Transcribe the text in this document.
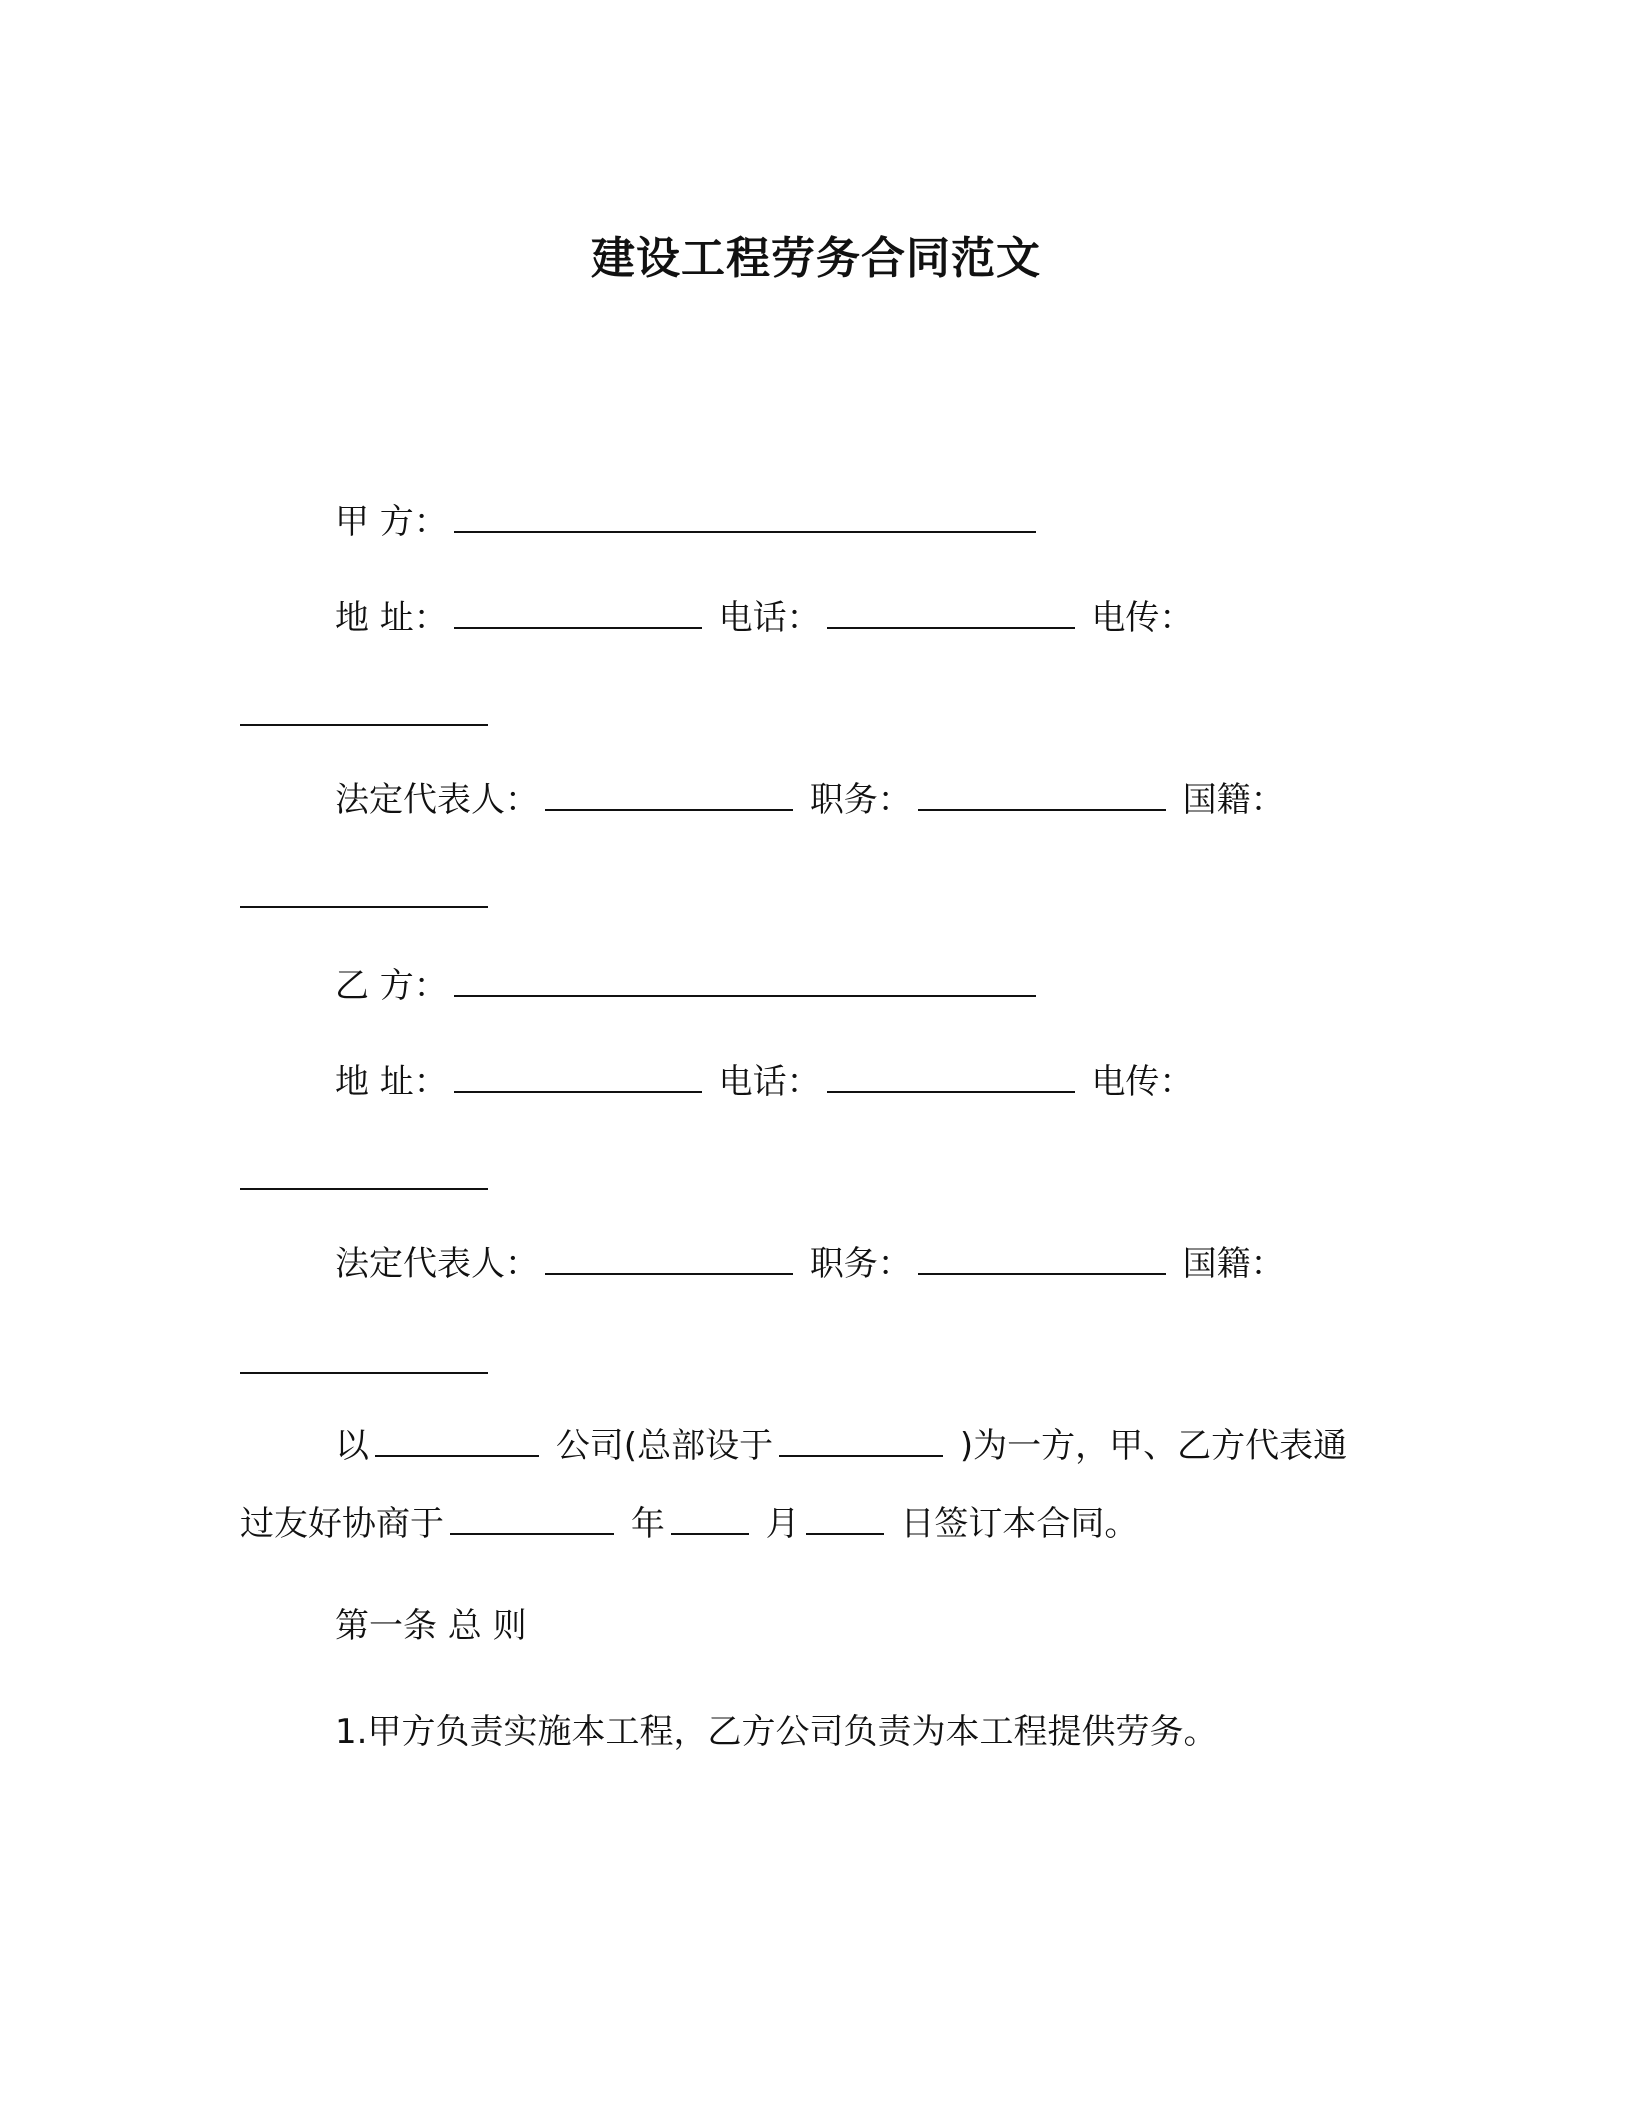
建设工程劳务合同范文
甲 方：
地 址：	电话：	电传：
法定代表人：	职务：	国籍：
乙 方：
地 址：	电话：	电传：
法定代表人：	职务：	国籍：
以	公司(总部设于	)为一方，甲、乙方代表通
过友好协商于	年	月	日签订本合同。
第一条 总 则
1.甲方负责实施本工程，乙方公司负责为本工程提供劳务。
